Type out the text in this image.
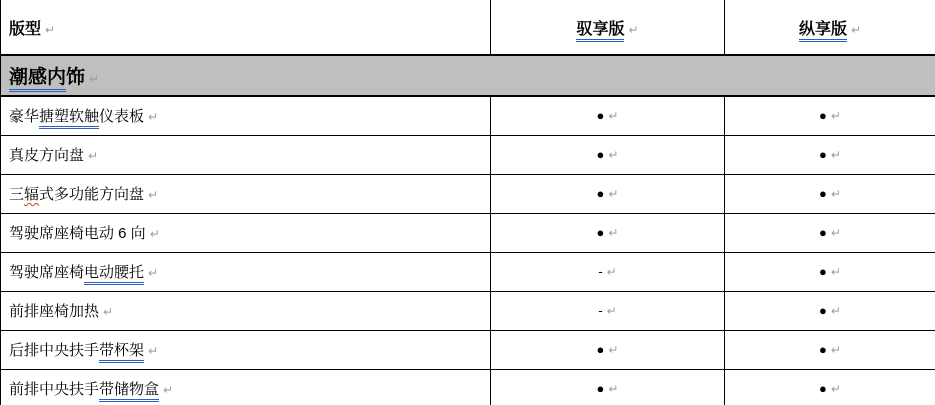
版型 ↵	驭享版 ↵	纵享版 ↵
潮感内饰 ↵		
豪华搪塑软触仪表板 ↵	● ↵	● ↵
真皮方向盘 ↵	● ↵	● ↵
三辐式多功能方向盘 ↵	● ↵	● ↵
驾驶席座椅电动 6 向 ↵	● ↵	● ↵
驾驶席座椅电动腰托 ↵	- ↵	● ↵
前排座椅加热 ↵	- ↵	● ↵
后排中央扶手带杯架 ↵	● ↵	● ↵
前排中央扶手带储物盒 ↵	● ↵	● ↵
